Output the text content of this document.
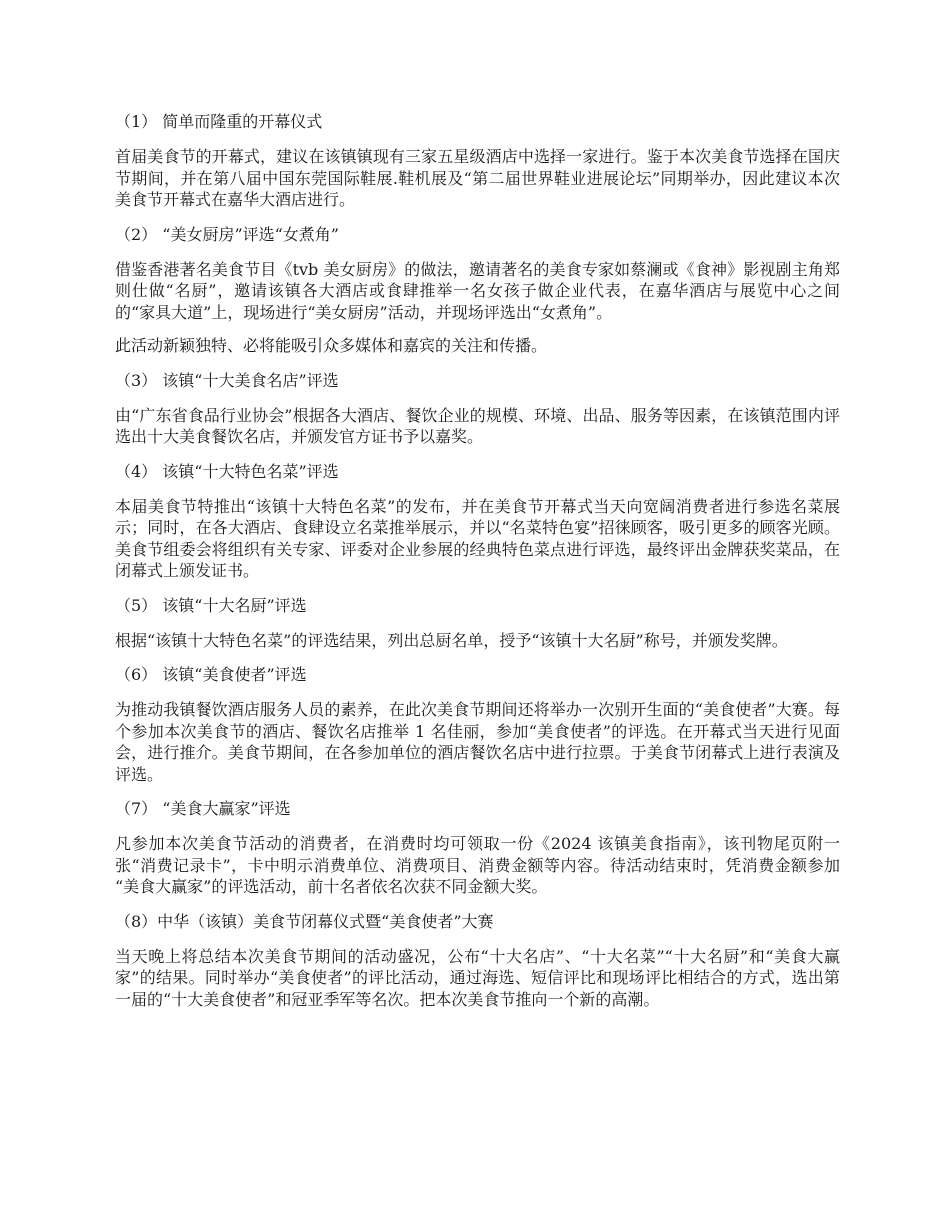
（1） 简单而隆重的开幕仪式
首届美食节的开幕式，建议在该镇镇现有三家五星级酒店中选择一家进行。鉴于本次美食节选择在国庆节期间，并在第八届中国东莞国际鞋展.鞋机展及“第二届世界鞋业进展论坛”同期举办，因此建议本次美食节开幕式在嘉华大酒店进行。
（2） “美女厨房”评选“女煮角”
借鉴香港著名美食节目《tvb 美女厨房》的做法，邀请著名的美食专家如蔡澜或《食神》影视剧主角郑则仕做“名厨”，邀请该镇各大酒店或食肆推举一名女孩子做企业代表，在嘉华酒店与展览中心之间的“家具大道”上，现场进行“美女厨房”活动，并现场评选出“女煮角”。
此活动新颖独特、必将能吸引众多媒体和嘉宾的关注和传播。
（3） 该镇“十大美食名店”评选
由“广东省食品行业协会”根据各大酒店、餐饮企业的规模、环境、出品、服务等因素，在该镇范围内评选出十大美食餐饮名店，并颁发官方证书予以嘉奖。
（4） 该镇“十大特色名菜”评选
本届美食节特推出“该镇十大特色名菜”的发布，并在美食节开幕式当天向宽阔消费者进行参选名菜展示；同时，在各大酒店、食肆设立名菜推举展示，并以“名菜特色宴”招徕顾客，吸引更多的顾客光顾。美食节组委会将组织有关专家、评委对企业参展的经典特色菜点进行评选，最终评出金牌获奖菜品，在闭幕式上颁发证书。
（5） 该镇“十大名厨”评选
根据“该镇十大特色名菜”的评选结果，列出总厨名单，授予“该镇十大名厨”称号，并颁发奖牌。
（6） 该镇“美食使者”评选
为推动我镇餐饮酒店服务人员的素养，在此次美食节期间还将举办一次别开生面的“美食使者”大赛。每个参加本次美食节的酒店、餐饮名店推举 1 名佳丽，参加“美食使者”的评选。在开幕式当天进行见面会，进行推介。美食节期间，在各参加单位的酒店餐饮名店中进行拉票。于美食节闭幕式上进行表演及评选。
（7） “美食大赢家”评选
凡参加本次美食节活动的消费者，在消费时均可领取一份《2024 该镇美食指南》，该刊物尾页附一张“消费记录卡”，卡中明示消费单位、消费项目、消费金额等内容。待活动结束时，凭消费金额参加 “美食大赢家”的评选活动，前十名者依名次获不同金额大奖。
（8）中华（该镇）美食节闭幕仪式暨“美食使者”大赛
当天晚上将总结本次美食节期间的活动盛况，公布“十大名店”、“十大名菜”“十大名厨”和“美食大赢家”的结果。同时举办“美食使者”的评比活动，通过海选、短信评比和现场评比相结合的方式，选出第一届的“十大美食使者”和冠亚季军等名次。把本次美食节推向一个新的高潮。
